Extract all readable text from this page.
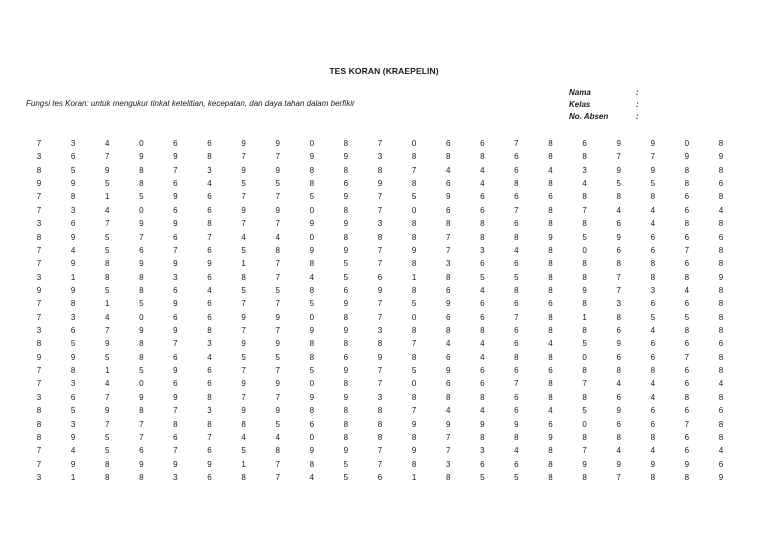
TES KORAN (KRAEPELIN)
Fungsi tes Koran: untuk mengukur tinkat ketelitian, kecepatan, dan daya tahan dalam berfikir
Nama	:
Kelas	:
No. Absen	:
7	3	4	0	6	6	9	9	0	8	7	0	6	6	7	8	6	9	9	0	8
3	6	7	9	9	8	7	7	9	9	3	8	8	8	6	8	8	7	7	9	9
8	5	9	8	7	3	9	9	8	8	8	7	4	4	6	4	3	9	9	8	8
9	9	5	8	6	4	5	5	8	6	9	8	6	4	8	8	4	5	5	8	6
7	8	1	5	9	6	7	7	5	9	7	5	9	6	6	6	8	8	8	6	8
7	3	4	0	6	6	9	9	0	8	7	0	6	6	7	8	7	4	4	6	4
3	6	7	9	9	8	7	7	9	9	3	8	8	8	6	8	8	6	4	8	8
8	9	5	7	6	7	4	4	0	8	8	8	7	8	8	9	5	9	6	6	6
7	4	5	6	7	6	5	8	9	9	7	9	7	3	4	8	0	6	6	7	8
7	9	8	9	9	9	1	7	8	5	7	8	3	6	6	8	8	8	8	6	8
3	1	8	8	3	6	8	7	4	5	6	1	8	5	5	8	8	7	8	8	9
9	9	5	8	6	4	5	5	8	6	9	8	6	4	8	8	9	7	3	4	8
7	8	1	5	9	6	7	7	5	9	7	5	9	6	6	6	8	3	6	6	8
7	3	4	0	6	6	9	9	0	8	7	0	6	6	7	8	1	8	5	5	8
3	6	7	9	9	8	7	7	9	9	3	8	8	8	6	8	8	6	4	8	8
8	5	9	8	7	3	9	9	8	8	8	7	4	4	6	4	5	9	6	6	6
9	9	5	8	6	4	5	5	8	6	9	8	6	4	8	8	0	6	6	7	8
7	8	1	5	9	6	7	7	5	9	7	5	9	6	6	6	8	8	8	6	8
7	3	4	0	6	6	9	9	0	8	7	0	6	6	7	8	7	4	4	6	4
3	6	7	9	9	8	7	7	9	9	3	8	8	8	6	8	8	6	4	8	8
8	5	9	8	7	3	9	9	8	8	8	7	4	4	6	4	5	9	6	6	6
8	3	7	7	8	8	8	5	6	8	8	9	9	9	9	6	0	6	6	7	8
8	9	5	7	6	7	4	4	0	8	8	8	7	8	8	9	8	8	8	6	8
7	4	5	6	7	6	5	8	9	9	7	9	7	3	4	8	7	4	4	6	4
7	9	8	9	9	9	1	7	8	5	7	8	3	6	6	8	9	9	9	9	6
3	1	8	8	3	6	8	7	4	5	6	1	8	5	5	8	8	7	8	8	9
